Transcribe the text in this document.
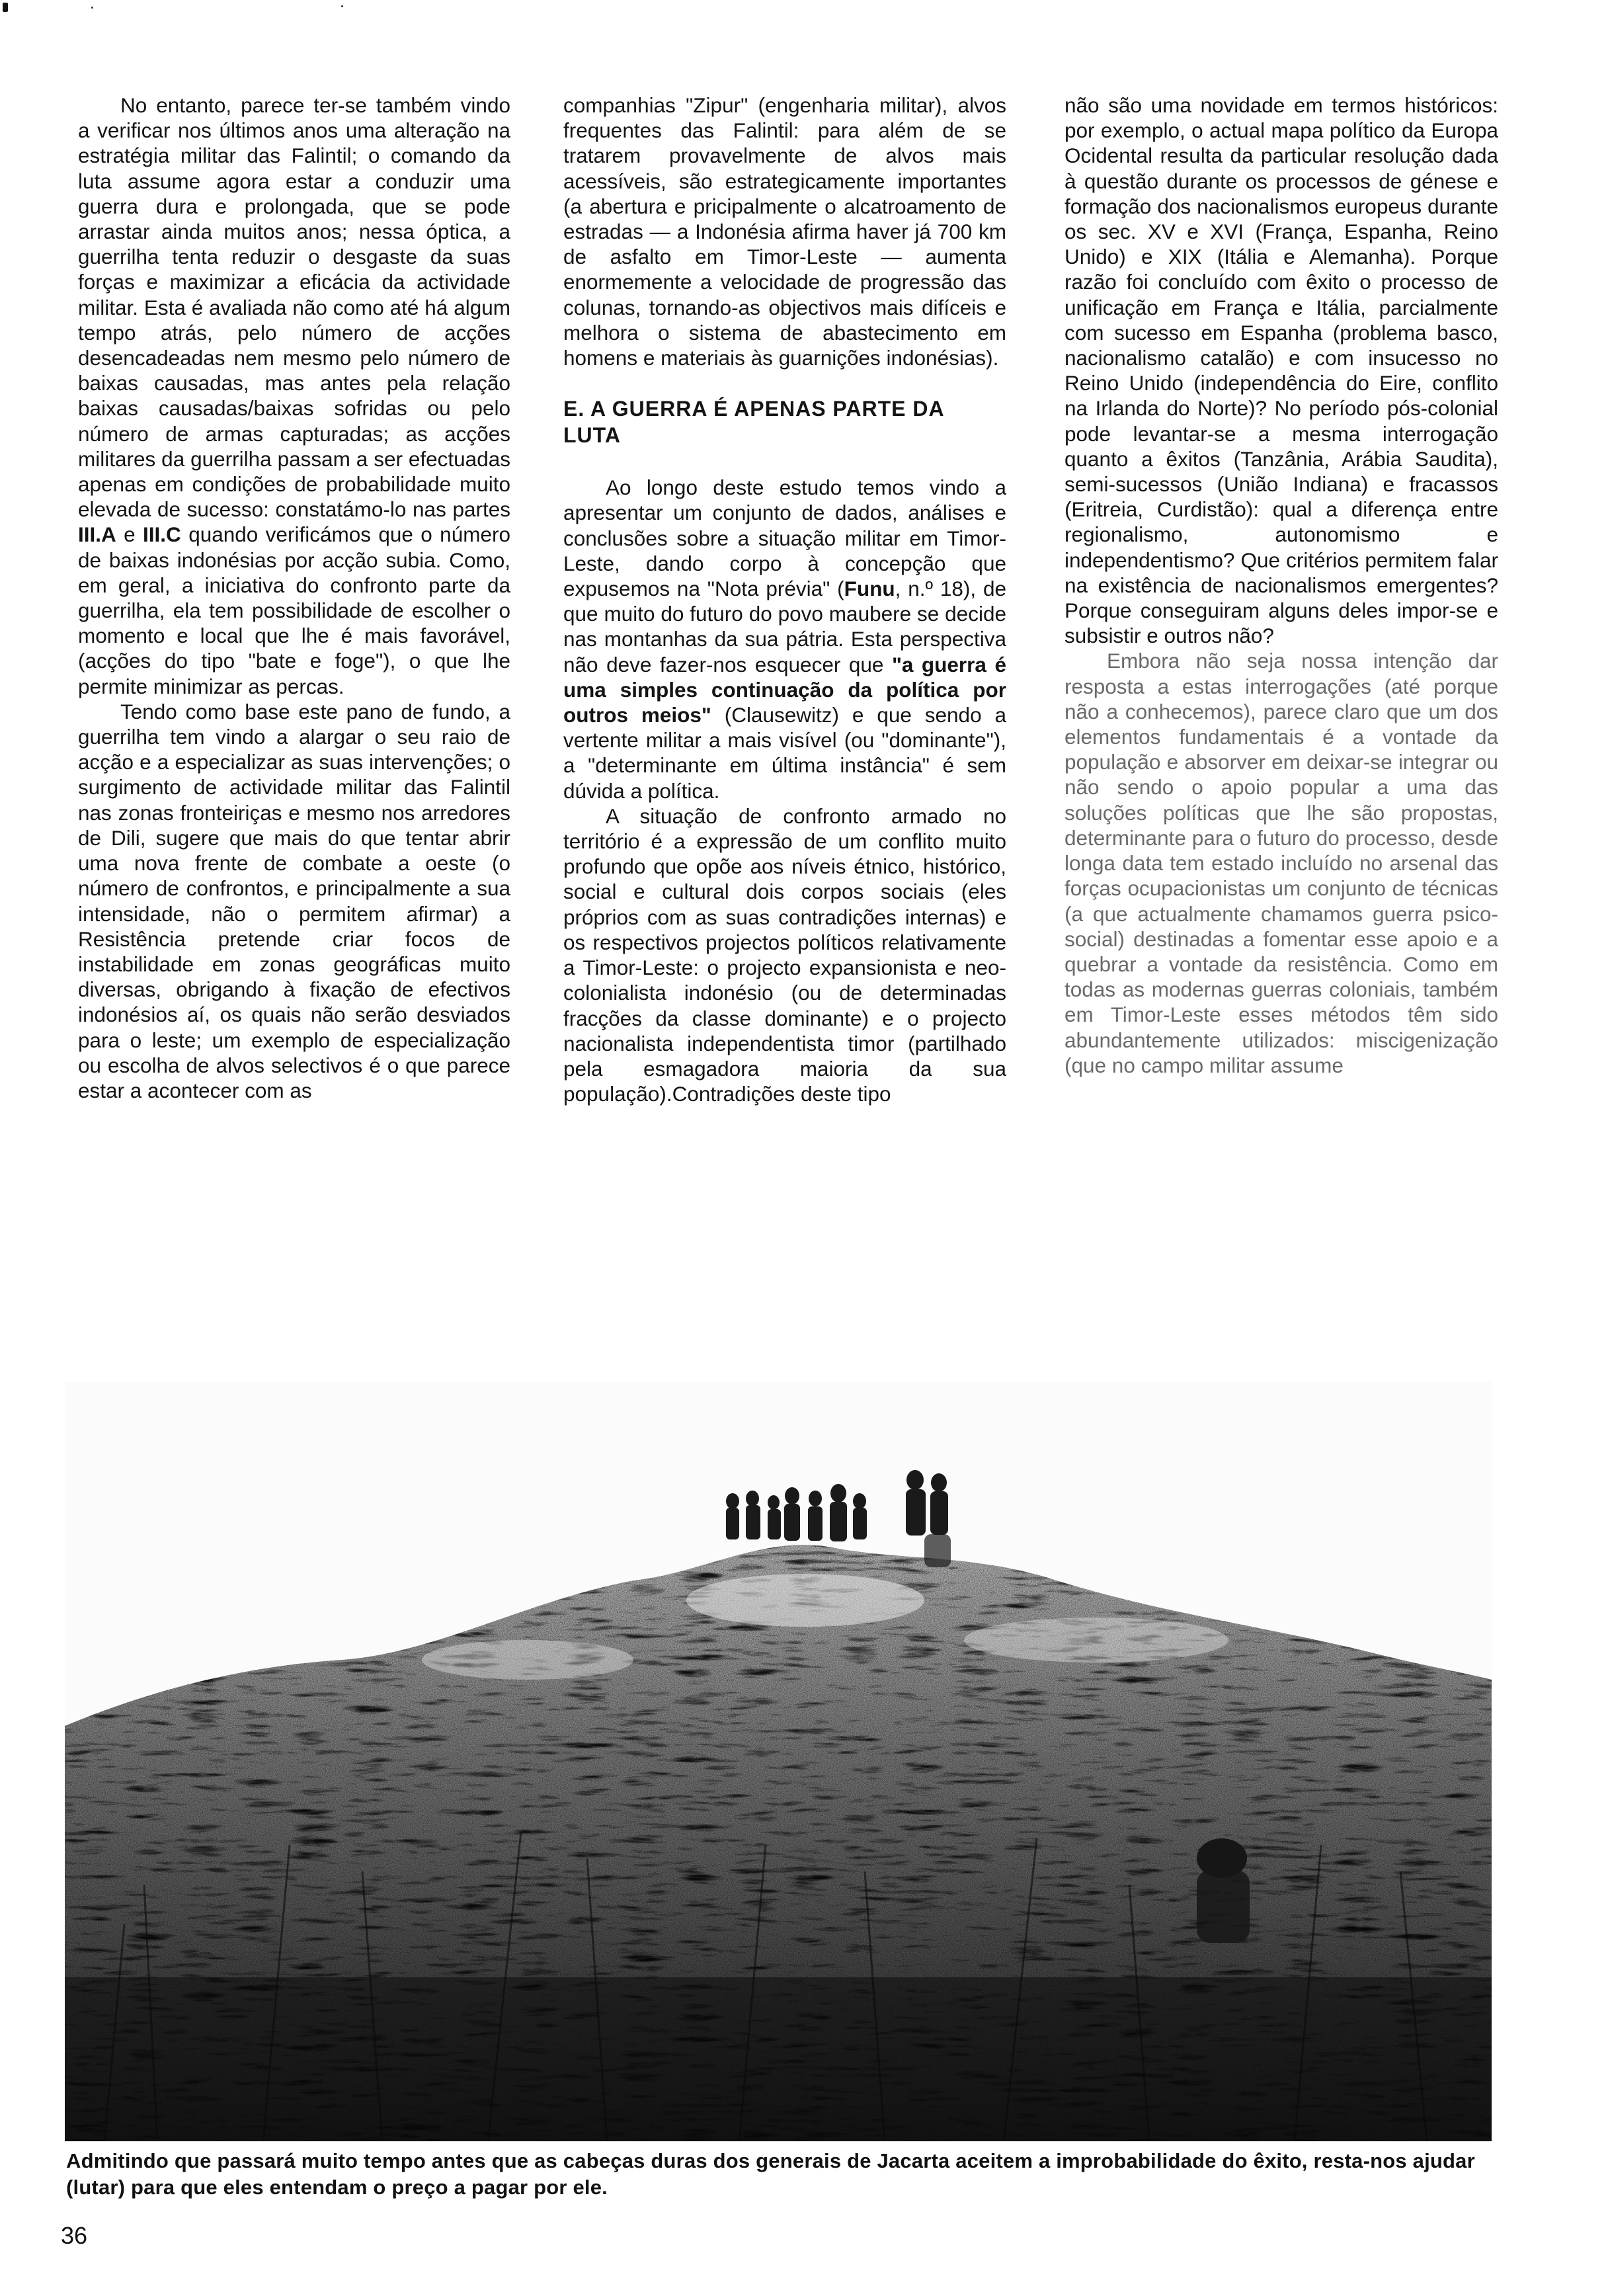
No entanto, parece ter-se também vindo a verificar nos últimos anos uma alteração na estratégia militar das Falintil; o comando da luta assume agora estar a conduzir uma guerra dura e prolongada, que se pode arrastar ainda muitos anos; nessa óptica, a guerrilha tenta reduzir o desgaste da suas forças e maximizar a eficácia da actividade militar. Esta é avaliada não como até há algum tempo atrás, pelo número de acções desencadeadas nem mesmo pelo número de baixas causadas, mas antes pela relação baixas causadas/baixas sofridas ou pelo número de armas capturadas; as acções militares da guerrilha passam a ser efectuadas apenas em condições de probabilidade muito elevada de sucesso: constatámo-lo nas partes III.A e III.C quando verificámos que o número de baixas indonésias por acção subia. Como, em geral, a iniciativa do confronto parte da guerrilha, ela tem possibilidade de escolher o momento e local que lhe é mais favorável, (acções do tipo "bate e foge"), o que lhe permite minimizar as percas.

Tendo como base este pano de fundo, a guerrilha tem vindo a alargar o seu raio de acção e a especializar as suas intervenções; o surgimento de actividade militar das Falintil nas zonas fronteiriças e mesmo nos arredores de Dili, sugere que mais do que tentar abrir uma nova frente de combate a oeste (o número de confrontos, e principalmente a sua intensidade, não o permitem afirmar) a Resistência pretende criar focos de instabilidade em zonas geográficas muito diversas, obrigando à fixação de efectivos indonésios aí, os quais não serão desviados para o leste; um exemplo de especialização ou escolha de alvos selectivos é o que parece estar a acontecer com as

companhias "Zipur" (engenharia militar), alvos frequentes das Falintil: para além de se tratarem provavelmente de alvos mais acessíveis, são estrategicamente importantes (a abertura e pricipalmente o alcatroamento de estradas — a Indonésia afirma haver já 700 km de asfalto em Timor-Leste — aumenta enormemente a velocidade de progressão das colunas, tornando-as objectivos mais difíceis e melhora o sistema de abastecimento em homens e materiais às guarnições indonésias).

E. A GUERRA É APENAS PARTE DA LUTA

Ao longo deste estudo temos vindo a apresentar um conjunto de dados, análises e conclusões sobre a situação militar em Timor-Leste, dando corpo à concepção que expusemos na "Nota prévia" (Funu, n.º 18), de que muito do futuro do povo maubere se decide nas montanhas da sua pátria. Esta perspectiva não deve fazer-nos esquecer que "a guerra é uma simples continuação da política por outros meios" (Clausewitz) e que sendo a vertente militar a mais visível (ou "dominante"), a "determinante em última instância" é sem dúvida a política.

A situação de confronto armado no território é a expressão de um conflito muito profundo que opõe aos níveis étnico, histórico, social e cultural dois corpos sociais (eles próprios com as suas contradições internas) e os respectivos projectos políticos relativamente a Timor-Leste: o projecto expansionista e neo-colonialista indonésio (ou de determinadas fracções da classe dominante) e o projecto nacionalista independentista timor (partilhado pela esmagadora maioria da sua população).Contradições deste tipo

não são uma novidade em termos históricos: por exemplo, o actual mapa político da Europa Ocidental resulta da particular resolução dada à questão durante os processos de génese e formação dos nacionalismos europeus durante os sec. XV e XVI (França, Espanha, Reino Unido) e XIX (Itália e Alemanha). Porque razão foi concluído com êxito o processo de unificação em França e Itália, parcialmente com sucesso em Espanha (problema basco, nacionalismo catalão) e com insucesso no Reino Unido (independência do Eire, conflito na Irlanda do Norte)? No período pós-colonial pode levantar-se a mesma interrogação quanto a êxitos (Tanzânia, Arábia Saudita), semi-sucessos (União Indiana) e fracassos (Eritreia, Curdistão): qual a diferença entre regionalismo, autonomismo e independentismo? Que critérios permitem falar na existência de nacionalismos emergentes? Porque conseguiram alguns deles impor-se e subsistir e outros não?

Embora não seja nossa intenção dar resposta a estas interrogações (até porque não a conhecemos), parece claro que um dos elementos fundamentais é a vontade da população e absorver em deixar-se integrar ou não sendo o apoio popular a uma das soluções políticas que lhe são propostas, determinante para o futuro do processo, desde longa data tem estado incluído no arsenal das forças ocupacionistas um conjunto de técnicas (a que actualmente chamamos guerra psico-social) destinadas a fomentar esse apoio e a quebrar a vontade da resistência. Como em todas as modernas guerras coloniais, também em Timor-Leste esses métodos têm sido abundantemente utilizados: miscigenização (que no campo militar assume

Admitindo que passará muito tempo antes que as cabeças duras dos generais de Jacarta aceitem a improbabilidade do êxito, resta-nos ajudar (lutar) para que eles entendam o preço a pagar por ele.
36
